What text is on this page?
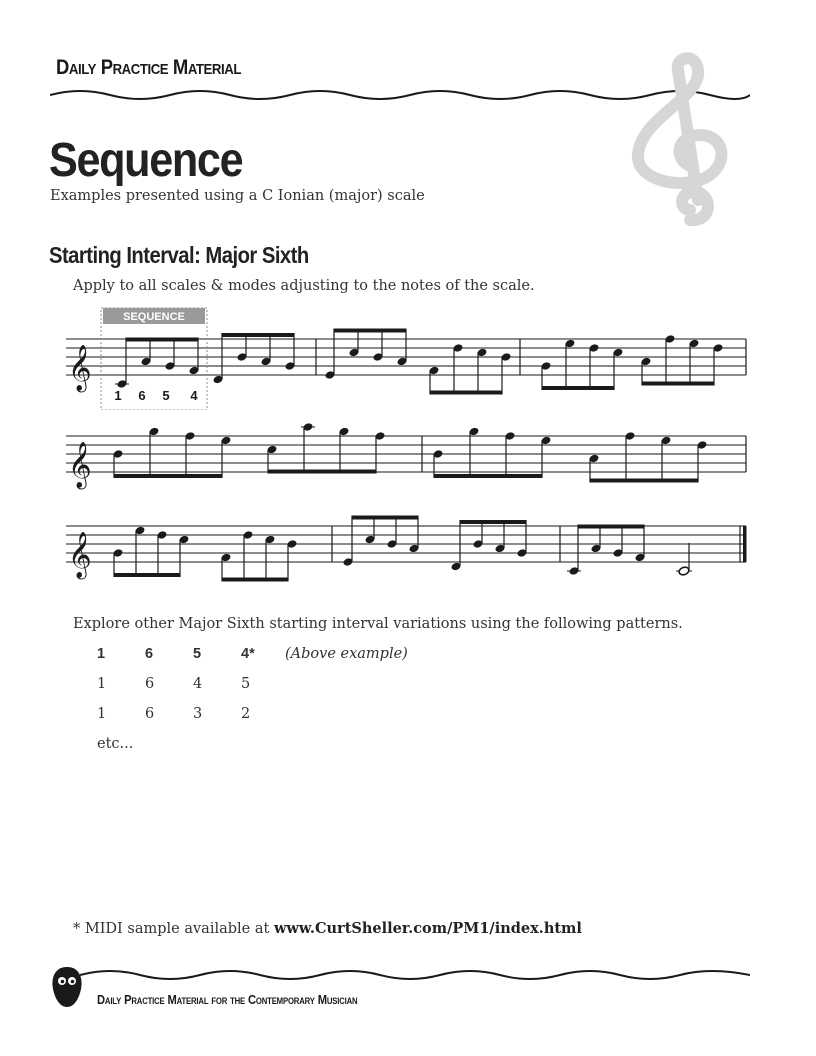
Daily Practice Material
Sequence
Examples presented using a C Ionian (major) scale
Starting Interval: Major Sixth
Apply to all scales & modes adjusting to the notes of the scale.
𝄞
SEQUENCE
1 6 5 4
𝄞
𝄞
Explore other Major Sixth starting interval variations using the following patterns.
1	6	5	4*	(Above example)
1	6	4	5
1	6	3	2
etc...
* MIDI sample available at www.CurtSheller.com/PM1/index.html
Daily Practice Material for the Contemporary Musician
